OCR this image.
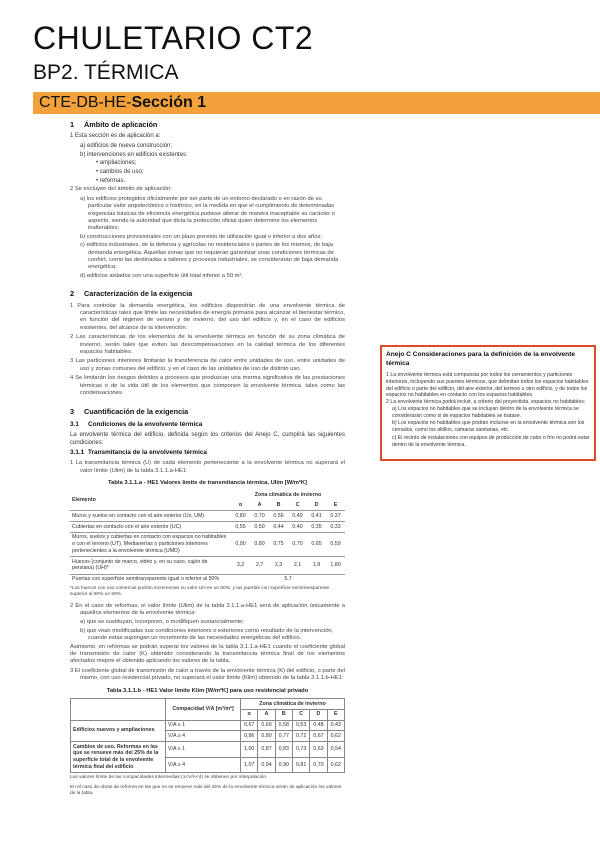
CHULETARIO CT2
BP2. TÉRMICA
CTE-DB-HE-Sección 1
1 Ámbito de aplicación
1 Esta sección es de aplicación a:
a) edificios de nueva construcción;
b) intervenciones en edificios existentes:
• ampliaciones;
• cambios de uso;
• reformas.
2 Se excluyen del ámbito de aplicación:
a) los edificios protegidos oficialmente por ser parte de un entorno declarado o en razón de su particular valor arquitectónico o histórico, en la medida en que el cumplimiento de determinadas exigencias básicas de eficiencia energética pudiese alterar de manera inaceptable su carácter o aspecto, siendo la autoridad que dicta la protección oficial quien determine los elementos inalterables;
b) construcciones provisionales con un plazo previsto de utilización igual o inferior a dos años;
c) edificios industriales, de la defensa y agrícolas no residenciales o partes de los mismos, de baja demanda energética. Aquellas zonas que no requieran garantizar unas condiciones térmicas de confort, como las destinadas a talleres y procesos industriales, se considerarán de baja demanda energética;
d) edificios aislados con una superficie útil total inferior a 50 m².
2 Caracterización de la exigencia
1 Para controlar la demanda energética, los edificios dispondrán de una envolvente térmica de características tales que limite las necesidades de energía primaria para alcanzar el bienestar térmico, en función del régimen de verano y de invierno, del uso del edificio y, en el caso de edificios existentes, del alcance de la intervención.
2 Las características de los elementos de la envolvente térmica en función de su zona climática de invierno, serán tales que eviten las descompensaciones en la calidad térmica de los diferentes espacios habitables.
3 Las particiones interiores limitarán la transferencia de calor entre unidades de uso, entre unidades de uso y zonas comunes del edificio, y en el caso de las unidades de uso de distinto uso.
4 Se limitarán los riesgos debidos a procesos que produzcan una merma significativa de las prestaciones térmicas o de la vida útil de los elementos que componen la envolvente térmica, tales como las condensaciones.
3 Cuantificación de la exigencia
3.1 Condiciones de la envolvente térmica
La envolvente térmica del edificio, definida según los criterios del Anejo C, cumplirá las siguientes condiciones:
3.1.1 Transmitancia de la envolvente térmica
1 La transmitancia térmica (U) de cada elemento perteneciente a la envolvente térmica no superará el valor límite (Ulim) de la tabla 3.1.1.a-HE1:
Tabla 3.1.1.a - HE1 Valores límite de transmitancia térmica, Ulim [W/m²K]
Elemento	Zona climática de invierno					
	α	A	B	C	D	E
Muros y suelos en contacto con el aire exterior (Us, UM)	0,80	0,70	0,56	0,49	0,41	0,37
Cubiertas en contacto con el aire exterior (UC)	0,55	0,50	0,44	0,40	0,35	0,33
Muros, suelos y cubiertas en contacto con espacios no habitables o con el terreno (UT). Medianerías o particiones interiores pertenecientes a la envolvente térmica (UMD)	0,90	0,80	0,75	0,70	0,65	0,59
Huecos (conjunto de marco, vidrio y, en su caso, cajón de persiana) (UH)*	3,2	2,7	2,3	2,1	1,8	1,80
Puertas con superficie semitransparente igual o inferior al 50%	5,7					
*Los huecos con uso comercial podrán incrementar su valor UH en un 50%, y las puertas con superficie semitransparente superior al 50% un 50%.
2 En el caso de reformas, el valor límite (Ulim) de la tabla 3.1.1.a-HE1 será de aplicación únicamente a aquellos elementos de la envolvente térmica:
a) que se sustituyan, incorporen, o modifiquen sustancialmente;
b) que vean modificadas sus condiciones interiores o exteriores como resultado de la intervención, cuando estas supongan un incremento de las necesidades energéticas del edificio.
Asimismo, en reformas se podrán superar los valores de la tabla 3.1.1.a-HE1 cuando el coeficiente global de transmisión de calor (K) obtenido considerando la transmitancia térmica final de los elementos afectados mejore el obtenido aplicando los valores de la tabla.
3 El coeficiente global de transmisión de calor a través de la envolvente térmica (K) del edificio, o parte del mismo, con uso residencial privado, no superará el valor límite (Klim) obtenido de la tabla 3.1.1.b-HE1:
Tabla 3.1.1.b - HE1 Valor límite Klim [W/m²K] para uso residencial privado
	Compacidad V/A [m³/m²]	Zona climática de invierno					
		α	A	B	C	D	E
Edificios nuevos y ampliaciones	V/A ≤ 1	0,67	0,60	0,58	0,53	0,48	0,43
	V/A ≥ 4	0,86	0,80	0,77	0,72	0,67	0,62
Cambios de uso. Reformas en las que se renueve más del 25% de la superficie total de la envolvente térmica final del edificio	V/A ≤ 1	1,00	0,87	0,83	0,73	0,63	0,54
	V/A ≥ 4	1,07	0,94	0,90	0,81	0,70	0,62
Los valores límite de las compacidades intermedias (1<V/A<4) se obtienen por interpolación.
En el caso de obras de reforma en las que no se renueve más del 25% de la envolvente térmica serán de aplicación los valores de la tabla.
Anejo C Consideraciones para la definición de la envolvente térmica
1 La envolvente térmica está compuesta por todos los cerramientos y particiones interiores, incluyendo sus puentes térmicos, que delimitan todos los espacios habitables del edificio o parte del edificio, del aire exterior, del terreno u otro edificio, y de todos los espacios no habitables en contacto con los espacios habitables.
2 La envolvente térmica podrá incluir, a criterio del proyectista, espacios no habitables:
a) Los espacios no habitables que se incluyan dentro de la envolvente térmica se considerarán como si de espacios habitables se tratase.
b) Los espacios no habitables que podrán incluirse en la envolvente térmica son los cerrados, como los altillos, cámaras sanitarias, etc.
c) El recinto de instalaciones con equipos de producción de calor o frío no podrá estar dentro de la envolvente térmica.
